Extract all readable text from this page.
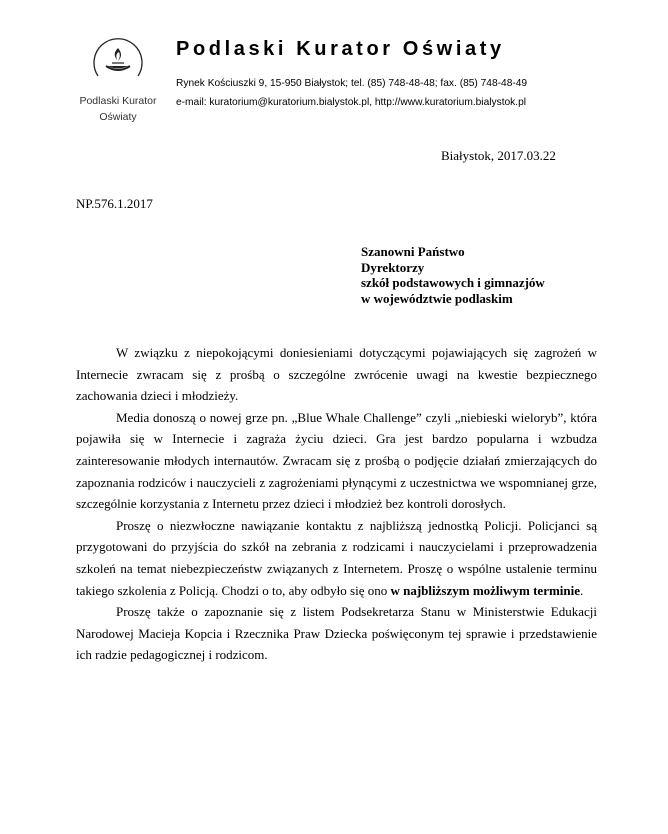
Podlaski Kurator
Oświaty
Podlaski Kurator Oświaty
Rynek Kościuszki 9, 15-950 Białystok; tel. (85) 748-48-48; fax. (85) 748-48-49
e-mail: kuratorium@kuratorium.bialystok.pl, http://www.kuratorium.bialystok.pl
Białystok, 2017.03.22
NP.576.1.2017
Szanowni Państwo
Dyrektorzy
szkół podstawowych i gimnazjów
w województwie podlaskim

W związku z niepokojącymi doniesieniami dotyczącymi pojawiających się zagrożeń w Internecie zwracam się z prośbą o szczególne zwrócenie uwagi na kwestie bezpiecznego zachowania dzieci i młodzieży.

Media donoszą o nowej grze pn. „Blue Whale Challenge” czyli „niebieski wieloryb”, która pojawiła się w Internecie i zagraża życiu dzieci. Gra jest bardzo popularna i wzbudza zainteresowanie młodych internautów. Zwracam się z prośbą o podjęcie działań zmierzających do zapoznania rodziców i nauczycieli z zagrożeniami płynącymi z uczestnictwa we wspomnianej grze, szczególnie korzystania z Internetu przez dzieci i młodzież bez kontroli dorosłych.

Proszę o niezwłoczne nawiązanie kontaktu z najbliższą jednostką Policji. Policjanci są przygotowani do przyjścia do szkół na zebrania z rodzicami i nauczycielami i przeprowadzenia szkoleń na temat niebezpieczeństw związanych z Internetem. Proszę o wspólne ustalenie terminu takiego szkolenia z Policją. Chodzi o to, aby odbyło się ono w najbliższym możliwym terminie.

Proszę także o zapoznanie się z listem Podsekretarza Stanu w Ministerstwie Edukacji Narodowej Macieja Kopcia i Rzecznika Praw Dziecka poświęconym tej sprawie i przedstawienie ich radzie pedagogicznej i rodzicom.
